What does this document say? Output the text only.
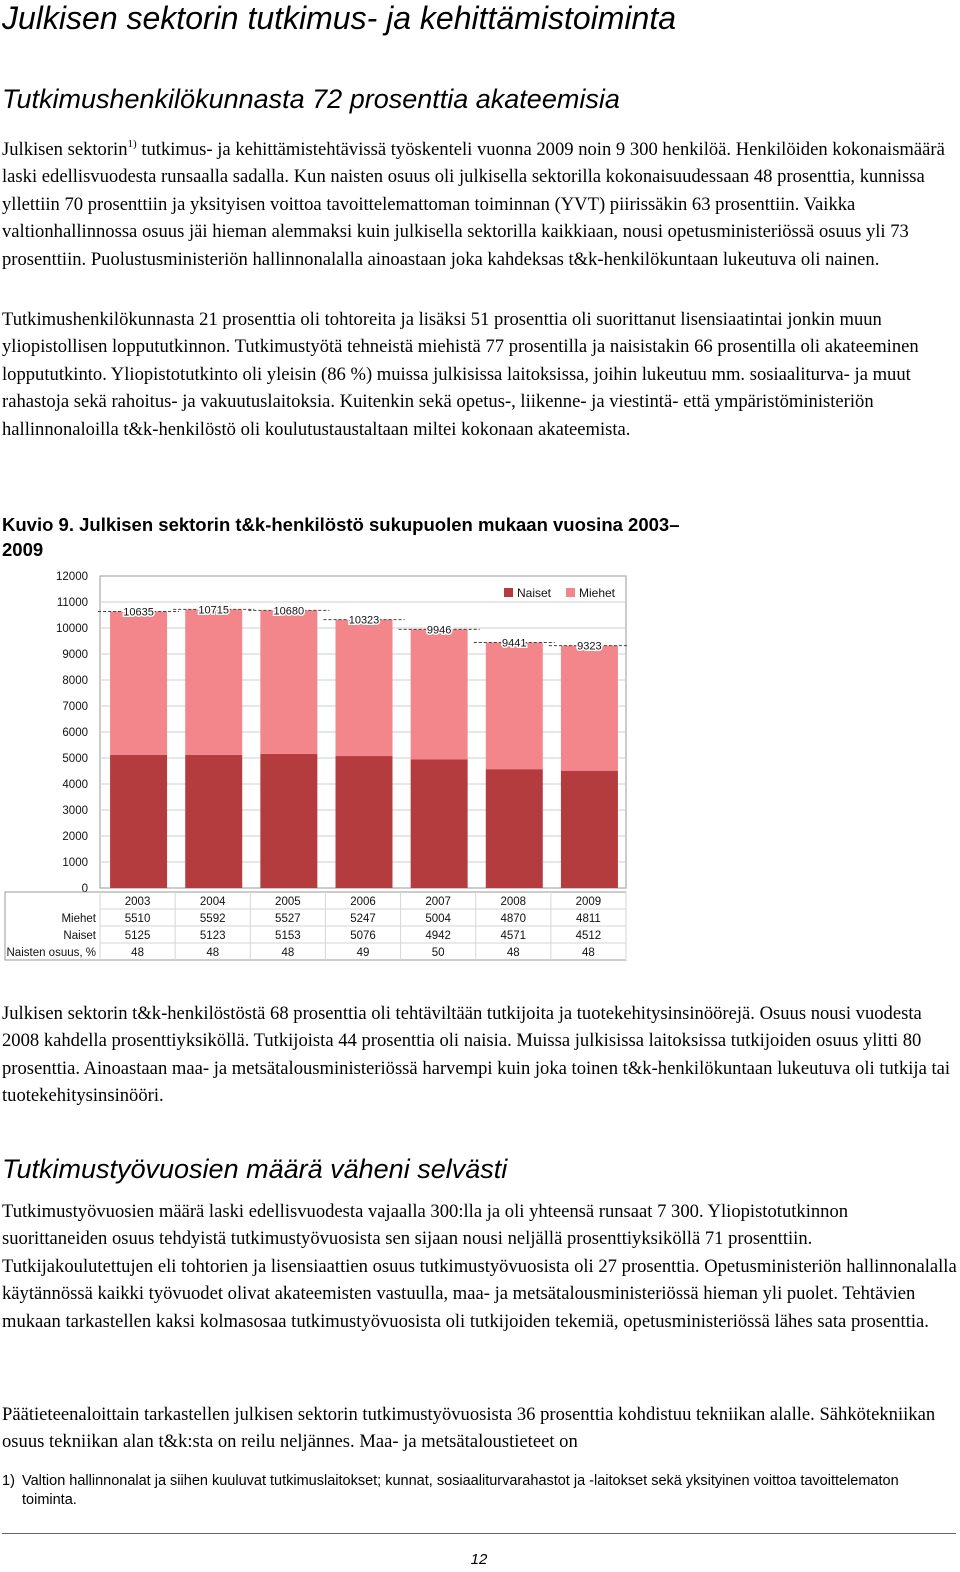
Julkisen sektorin tutkimus- ja kehittämistoiminta
Tutkimushenkilökunnasta 72 prosenttia akateemisia

Julkisen sektorin$^{1)}$ tutkimus- ja kehittämistehtävissä työskenteli vuonna 2009 noin 9 300 henkilöä. Henkilöiden kokonaismäärä laski edellisvuodesta runsaalla sadalla. Kun naisten osuus oli julkisella sektorilla kokonaisuudessaan 48 prosenttia, kunnissa yllettiin 70 prosenttiin ja yksityisen voittoa tavoittelemattoman toiminnan (YVT) piirissäkin 63 prosenttiin. Vaikka valtionhallinnossa osuus jäi hieman alemmaksi kuin julkisella sektorilla kaikkiaan, nousi opetusministeriössä osuus yli 73 prosenttiin. Puolustusministeriön hallinnonalalla ainoastaan joka kahdeksas t&k-henkilökuntaan lukeutuva oli nainen.

Tutkimushenkilökunnasta 21 prosenttia oli tohtoreita ja lisäksi 51 prosenttia oli suorittanut lisensiaatintai jonkin muun yliopistollisen loppututkinnon. Tutkimustyötä tehneistä miehistä 77 prosentilla ja naisistakin 66 prosentilla oli akateeminen loppututkinto. Yliopistotutkinto oli yleisin (86 %) muissa julkisissa laitoksissa, joihin lukeutuu mm. sosiaaliturva- ja muut rahastoja sekä rahoitus- ja vakuutuslaitoksia. Kuitenkin sekä opetus-, liikenne- ja viestintä- että ympäristöministeriön hallinnonaloilla t&k-henkilöstö oli koulutustaustaltaan miltei kokonaan akateemista.

Kuvio 9. Julkisen sektorin t&k-henkilöstö sukupuolen mukaan vuosina 2003–2009

0
1000
2000
3000
4000
5000
6000
7000
8000
9000
10000
11000
12000
10635	10715	10680
10323
9946
9441	9323
Naiset Miehet
2003	2004	2005	2006	2007	2008	2009
Miehet	5510	5592	5527	5247	5004	4870	4811
Naiset	5125	5123	5153	5076	4942	4571	4512
Naisten osuus, %	48	48	48	49	50	48	48

Julkisen sektorin t&k-henkilöstöstä 68 prosenttia oli tehtäviltään tutkijoita ja tuotekehitysinsinöörejä. Osuus nousi vuodesta 2008 kahdella prosenttiyksiköllä. Tutkijoista 44 prosenttia oli naisia. Muissa julkisissa laitoksissa tutkijoiden osuus ylitti 80 prosenttia. Ainoastaan maa- ja metsätalousministeriössä harvempi kuin joka toinen t&k-henkilökuntaan lukeutuva oli tutkija tai tuotekehitysinsinööri.

Tutkimustyövuosien määrä väheni selvästi

Tutkimustyövuosien määrä laski edellisvuodesta vajaalla 300:lla ja oli yhteensä runsaat 7 300. Yliopistotutkinnon suorittaneiden osuus tehdyistä tutkimustyövuosista sen sijaan nousi neljällä prosenttiyksiköllä 71 prosenttiin. Tutkijakoulutettujen eli tohtorien ja lisensiaattien osuus tutkimustyövuosista oli 27 prosenttia. Opetusministeriön hallinnonalalla käytännössä kaikki työvuodet olivat akateemisten vastuulla, maa- ja metsätalousministeriössä hieman yli puolet. Tehtävien mukaan tarkastellen kaksi kolmasosaa tutkimustyövuosista oli tutkijoiden tekemiä, opetusministeriössä lähes sata prosenttia.

Päätieteenaloittain tarkastellen julkisen sektorin tutkimustyövuosista 36 prosenttia kohdistuu tekniikan alalle. Sähkötekniikan osuus tekniikan alan t&k:sta on reilu neljännes. Maa- ja metsätaloustieteet on

1) Valtion hallinnonalat ja siihen kuuluvat tutkimuslaitokset; kunnat, sosiaaliturvarahastot ja -laitokset sekä yksityinen voittoa tavoittelematon toiminta.

12
